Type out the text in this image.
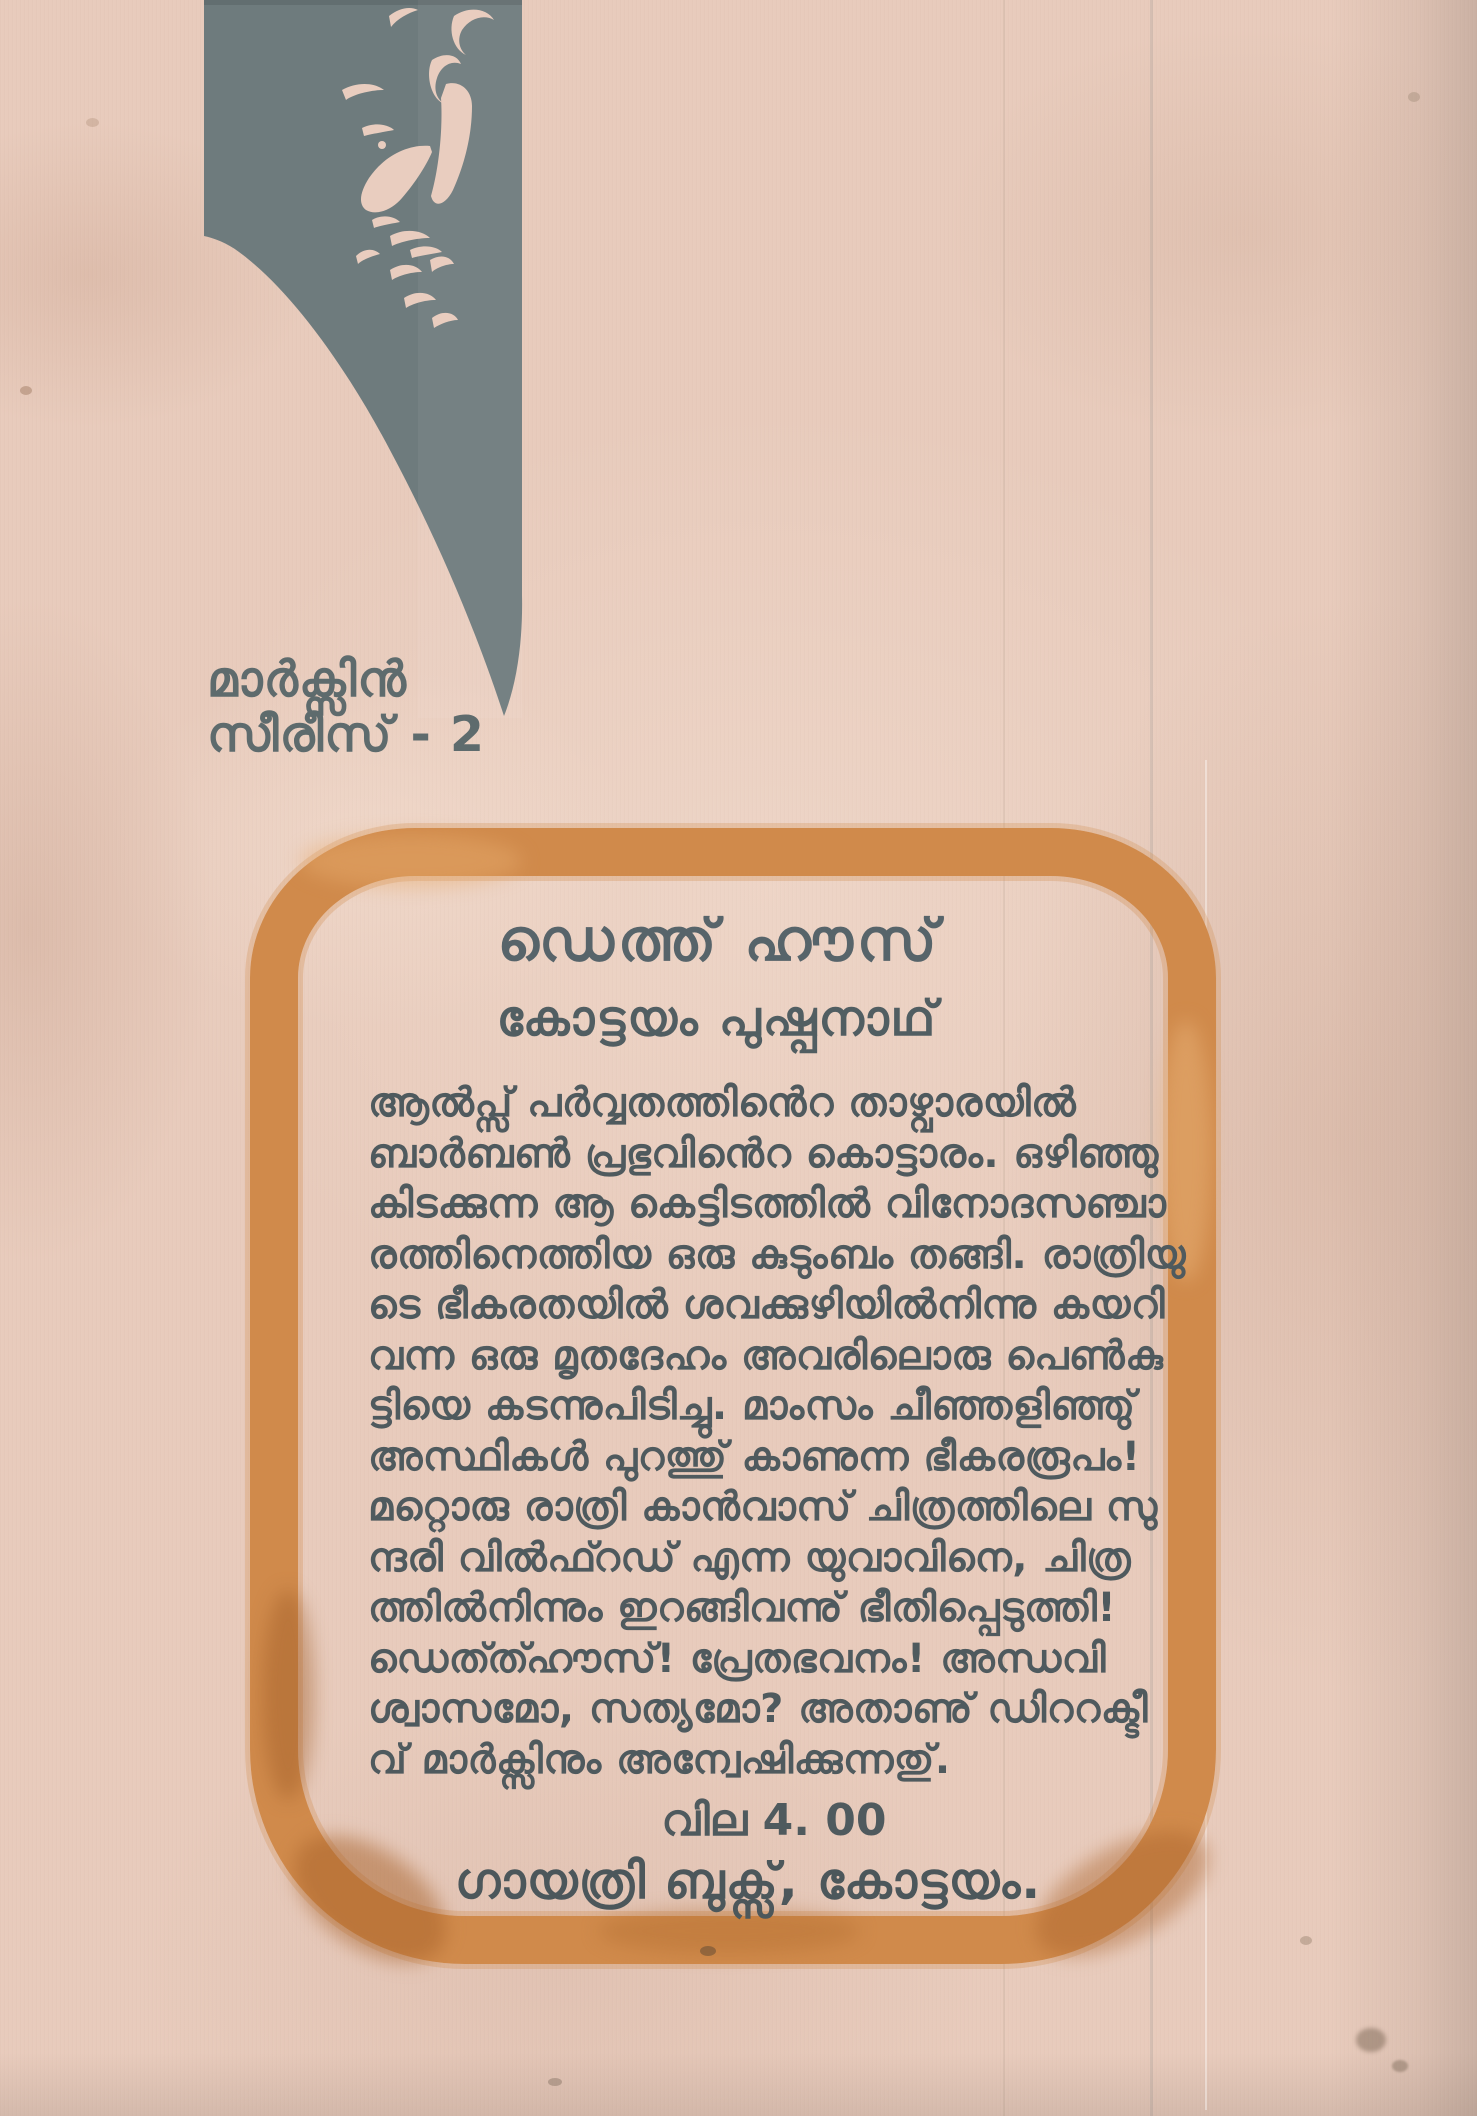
മാർക്സിൻ
സീരീസ് - 2
ഡെത്ത് ഹൗസ്
കോട്ടയം പുഷ്പനാഥ്
ആൽപ്സ് പർവ്വതത്തിൻെറ താഴ്വാരയിൽ
ബാർബൺ പ്രഭുവിൻെറ കൊട്ടാരം. ഒഴിഞ്ഞു
കിടക്കുന്ന ആ കെട്ടിടത്തിൽ വിനോദസഞ്ചാ
രത്തിനെത്തിയ ഒരു കുടുംബം തങ്ങി. രാത്രിയു
ടെ ഭീകരതയിൽ ശവക്കുഴിയിൽനിന്നു കയറി
വന്ന ഒരു മൃതദേഹം അവരിലൊരു പെൺകു
ട്ടിയെ കടന്നുപിടിച്ചു. മാംസം ചീഞ്ഞളിഞ്ഞു്
അസ്ഥികൾ പുറത്തു് കാണുന്ന ഭീകരരൂപം!
മറ്റൊരു രാത്രി കാൻവാസ് ചിത്രത്തിലെ സു
ന്ദരി വിൽഫ്റഡ് എന്ന യുവാവിനെ, ചിത്ര
ത്തിൽനിന്നും ഇറങ്ങിവന്നു് ഭീതിപ്പെടുത്തി!
ഡെത്ത്ഹൗസ്! പ്രേതഭവനം! അന്ധവി
ശ്വാസമോ, സത്യമോ? അതാണു് ഡിററക്ടീ
വ് മാർക്സിനും അന്വേഷിക്കുന്നതു്.
വില 4. 00
ഗായത്രി ബുക്സ്, കോട്ടയം.
